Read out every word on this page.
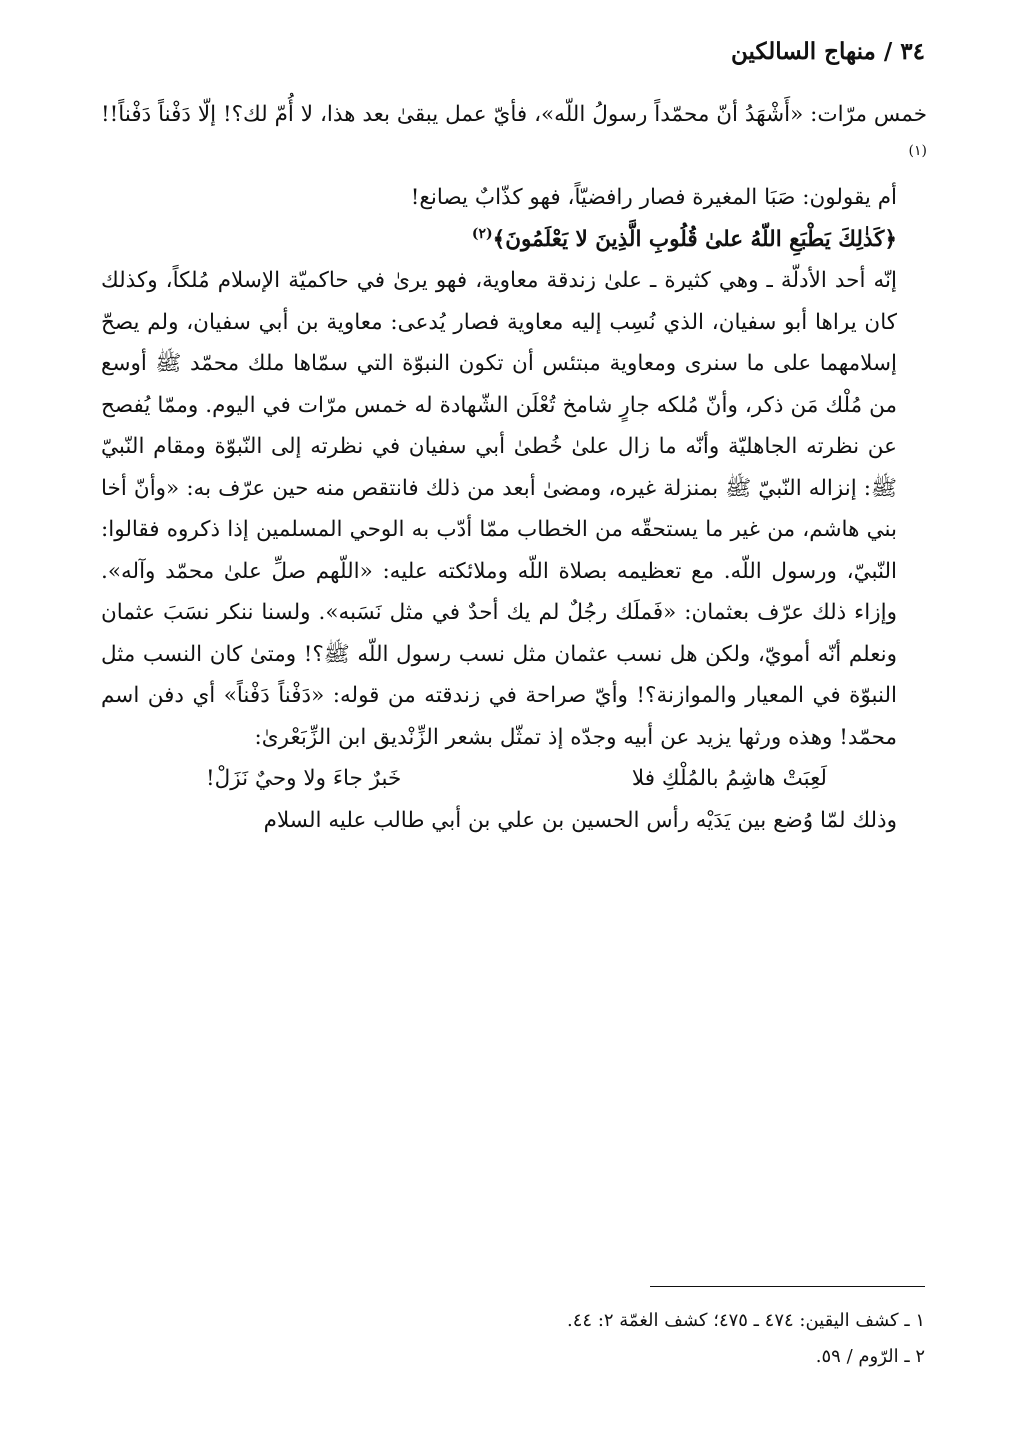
٣٤ / منهاج السالكين

خمس مرّات: «أَشْهَدُ أنّ محمّداً رسولُ اللّه»، فأيّ عمل يبقىٰ بعد هذا، لا أُمّ لك؟! إلّا دَفْناً دَفْناً!!$^{(١)}$

أم يقولون: صَبَا المغيرة فصار رافضيّاً، فهو كذّابٌ يصانع!

﴿كَذٰلِكَ يَطْبَعِ اللّهُ علىٰ قُلُوبِ الَّذِينَ لا يَعْلَمُونَ﴾$^{(٢)}$

إنّه أحد الأدلّة ـ وهي كثيرة ـ علىٰ زندقة معاوية، فهو يرىٰ في حاكميّة الإسلام مُلكاً، وكذلك كان يراها أبو سفيان، الذي نُسِب إليه معاوية فصار يُدعى: معاوية بن أبي سفيان، ولم يصحّ إسلامهما على ما سنرى ومعاوية مبتئس أن تكون النبوّة التي سمّاها ملك محمّد ﷺ أوسع من مُلْك مَن ذكر، وأنّ مُلكه جارٍ شامخ تُعْلَن الشّهادة له خمس مرّات في اليوم. وممّا يُفصح عن نظرته الجاهليّة وأنّه ما زال علىٰ خُطىٰ أبي سفيان في نظرته إلى النّبوّة ومقام النّبيّ ﷺ: إنزاله النّبيّ ﷺ بمنزلة غيره، ومضىٰ أبعد من ذلك فانتقص منه حين عرّف به: «وأنّ أخا بني هاشم، من غير ما يستحقّه من الخطاب ممّا أدّب به الوحي المسلمين إذا ذكروه فقالوا: النّبيّ، ورسول اللّه. مع تعظيمه بصلاة اللّه وملائكته عليه: «اللّهم صلِّ علىٰ محمّد وآله». وإزاء ذلك عرّف بعثمان: «فَملَك رجُلٌ لم يك أحدٌ في مثل نَسَبه». ولسنا ننكر نسَبَ عثمان ونعلم أنّه أمويّ، ولكن هل نسب عثمان مثل نسب رسول اللّه ﷺ؟! ومتىٰ كان النسب مثل النبوّة في المعيار والموازنة؟! وأيّ صراحة في زندقته من قوله: «دَفْناً دَفْناً» أي دفن اسم محمّد! وهذه ورثها يزيد عن أبيه وجدّه إذ تمثّل بشعر الزِّنْديق ابن الزِّبَعْرىٰ:

لَعِبَتْ هاشِمُ بالمُلْكِ فلا
خَبرٌ جاءَ ولا وحيٌ نَزَلْ!

وذلك لمّا وُضع بين يَدَيْه رأس الحسين بن علي بن أبي طالب عليه السلام

١ ـ كشف اليقين: ٤٧٤ ـ ٤٧٥؛ كشف الغمّة ٢: ٤٤.
٢ ـ الرّوم / ٥٩.
